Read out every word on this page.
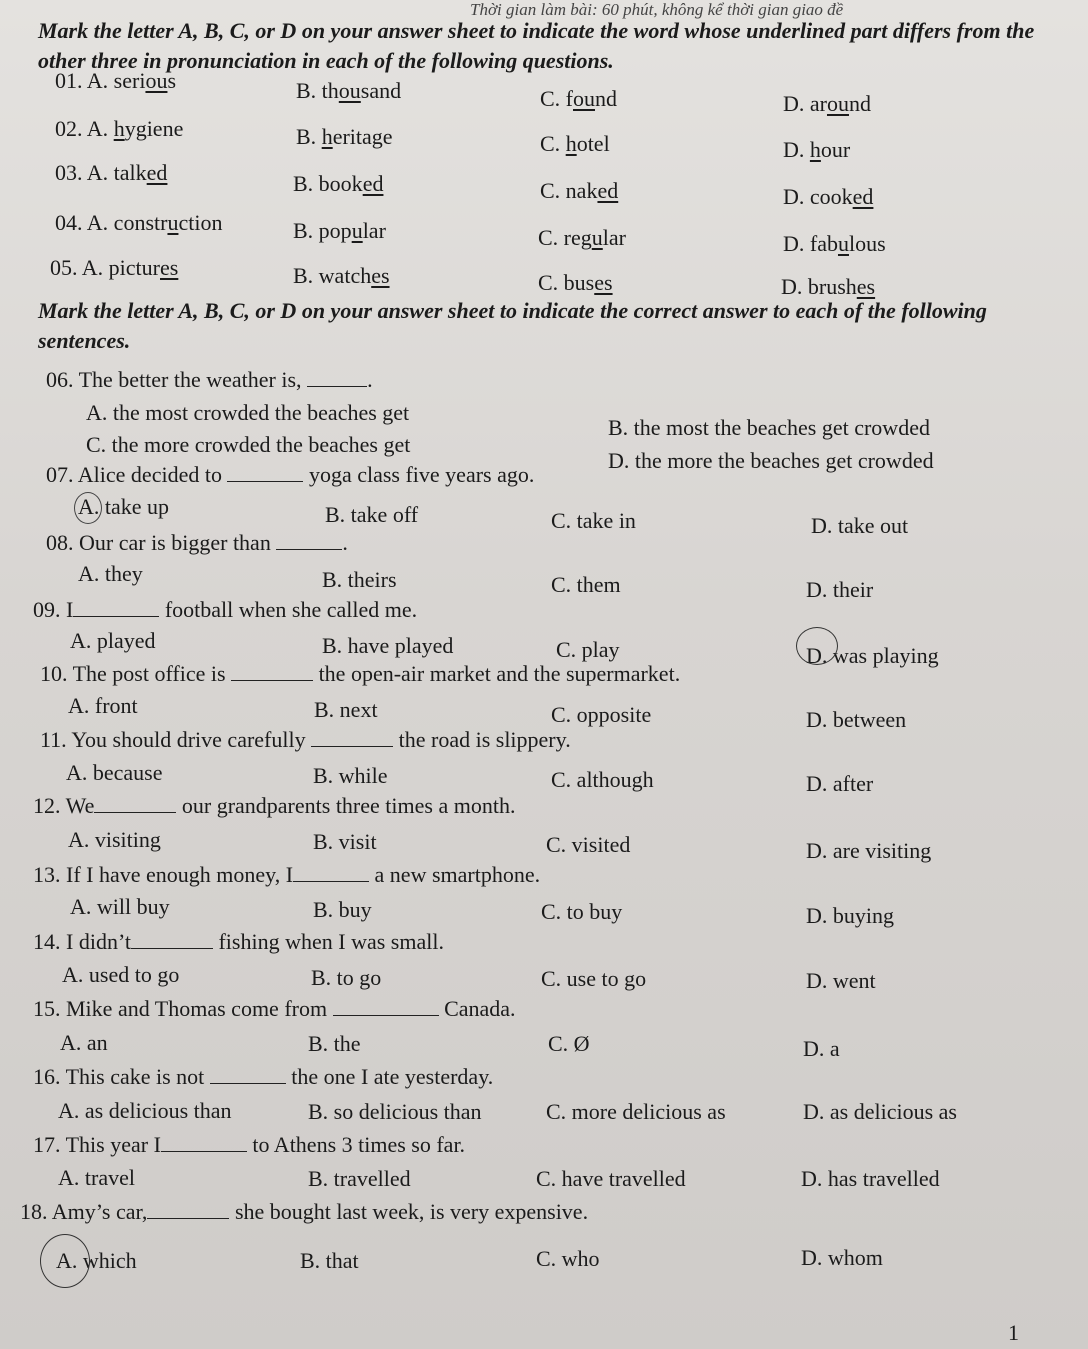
Thời gian làm bài: 60 phút, không kể thời gian giao đề
Mark the letter A, B, C, or D on your answer sheet to indicate the word whose underlined part differs from the other three in pronunciation in each of the following questions.
01. A. serious	B. thousand	C. found	D. around
02. A. hygiene	B. heritage	C. hotel	D. hour
03. A. talked	B. booked	C. naked	D. cooked
04. A. construction	B. popular	C. regular	D. fabulous
05. A. pictures	B. watches	C. buses	D. brushes
Mark the letter A, B, C, or D on your answer sheet to indicate the correct answer to each of the following sentences.
06. The better the weather is,	.
A. the most crowded the beaches get
B. the most the beaches get crowded
C. the more crowded the beaches get
D. the more the beaches get crowded
07. Alice decided to	yoga class five years ago.
A. take up	B. take off	C. take in	D. take out
08. Our car is bigger than	.
A. they	B. theirs	C. them	D. their
09. I	football when she called me.
A. played	B. have played	C. play	D. was playing
10. The post office is	the open-air market and the supermarket.
A. front	B. next	C. opposite	D. between
11. You should drive carefully	the road is slippery.
A. because	B. while	C. although	D. after
12. We	our grandparents three times a month.
A. visiting	B. visit	C. visited	D. are visiting
13. If I have enough money, I	a new smartphone.
A. will buy	B. buy	C. to buy	D. buying
14. I didn’t	fishing when I was small.
A. used to go	B. to go	C. use to go	D. went
15. Mike and Thomas come from	Canada.
A. an	B. the	C. Ø	D. a
16. This cake is not	the one I ate yesterday.
A. as delicious than	B. so delicious than	C. more delicious as	D. as delicious as
17. This year I	to Athens 3 times so far.
A. travel	B. travelled	C. have travelled	D. has travelled
18. Amy’s car,	she bought last week, is very expensive.
A. which	B. that	C. who	D. whom
1
